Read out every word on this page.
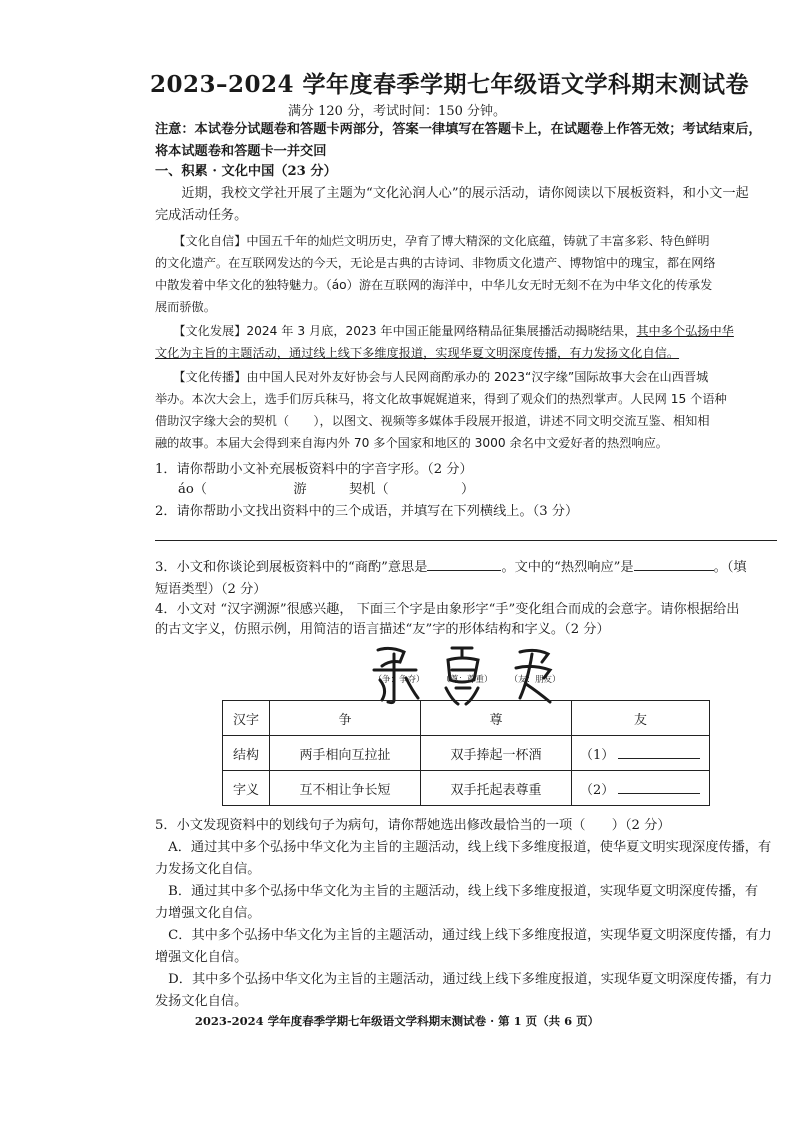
2023–2024 学年度春季学期七年级语文学科期末测试卷
满分 120 分，考试时间：150 分钟。
注意：本试卷分试题卷和答题卡两部分，答案一律填写在答题卡上，在试题卷上作答无效；考试结束后，
将本试题卷和答题卡一并交回
一、积累 · 文化中国（23 分）
　　近期，我校文学社开展了主题为“文化沁润人心”的展示活动，请你阅读以下展板资料，和小文一起
完成活动任务。
　　【文化自信】中国五千年的灿烂文明历史，孕育了博大精深的文化底蕴，铸就了丰富多彩、特色鲜明
的文化遗产。在互联网发达的今天，无论是古典的古诗词、非物质文化遗产、博物馆中的瑰宝，都在网络
中散发着中华文化的独特魅力。（áo）游在互联网的海洋中，中华儿女无时无刻不在为中华文化的传承发
展而骄傲。
　　【文化发展】2024 年 3 月底，2023 年中国正能量网络精品征集展播活动揭晓结果，其中多个弘扬中华
文化为主旨的主题活动，通过线上线下多维度报道，实现华夏文明深度传播，有力发扬文化自信。
　　【文化传播】由中国人民对外友好协会与人民网商酌承办的 2023“汉字缘”国际故事大会在山西晋城
举办。本次大会上，选手们厉兵秣马，将文化故事娓娓道来，得到了观众们的热烈掌声。人民网 15 个语种
借助汉字缘大会的契机（　　），以图文、视频等多媒体手段展开报道，讲述不同文明交流互鉴、相知相
融的故事。本届大会得到来自海内外 70 多个国家和地区的 3000 余名中文爱好者的热烈响应。
1．请你帮助小文补充展板资料中的字音字形。（2 分）
áo（	游	契机（	）
2．请你帮助小文找出资料中的三个成语，并填写在下列横线上。（3 分）
3．小文和你谈论到展板资料中的“商酌”意思是	。文中的“热烈响应”是	。（填
短语类型）（2 分）
4．小文对 “汉字溯源”很感兴趣， 下面三个字是由象形字“手”变化组合而成的会意字。请你根据给出
的古文字义，仿照示例，用简洁的语言描述“友”字的形体结构和字义。（2 分）
（争：争夺） （尊：尊重） （友：朋友）
汉字	争	尊	友
结构	两手相向互拉扯	双手捧起一杯酒	（1）
字义	互不相让争长短	双手托起表尊重	（2）
5．小文发现资料中的划线句子为病句，请你帮她选出修改最恰当的一项（　　）（2 分）
　A．通过其中多个弘扬中华文化为主旨的主题活动，线上线下多维度报道，使华夏文明实现深度传播，有
力发扬文化自信。
　B．通过其中多个弘扬中华文化为主旨的主题活动，线上线下多维度报道，实现华夏文明深度传播，有
力增强文化自信。
　C．其中多个弘扬中华文化为主旨的主题活动，通过线上线下多维度报道，实现华夏文明深度传播，有力
增强文化自信。
　D．其中多个弘扬中华文化为主旨的主题活动，通过线上线下多维度报道，实现华夏文明深度传播，有力
发扬文化自信。
2023-2024 学年度春季学期七年级语文学科期末测试卷 · 第 1 页（共 6 页）
